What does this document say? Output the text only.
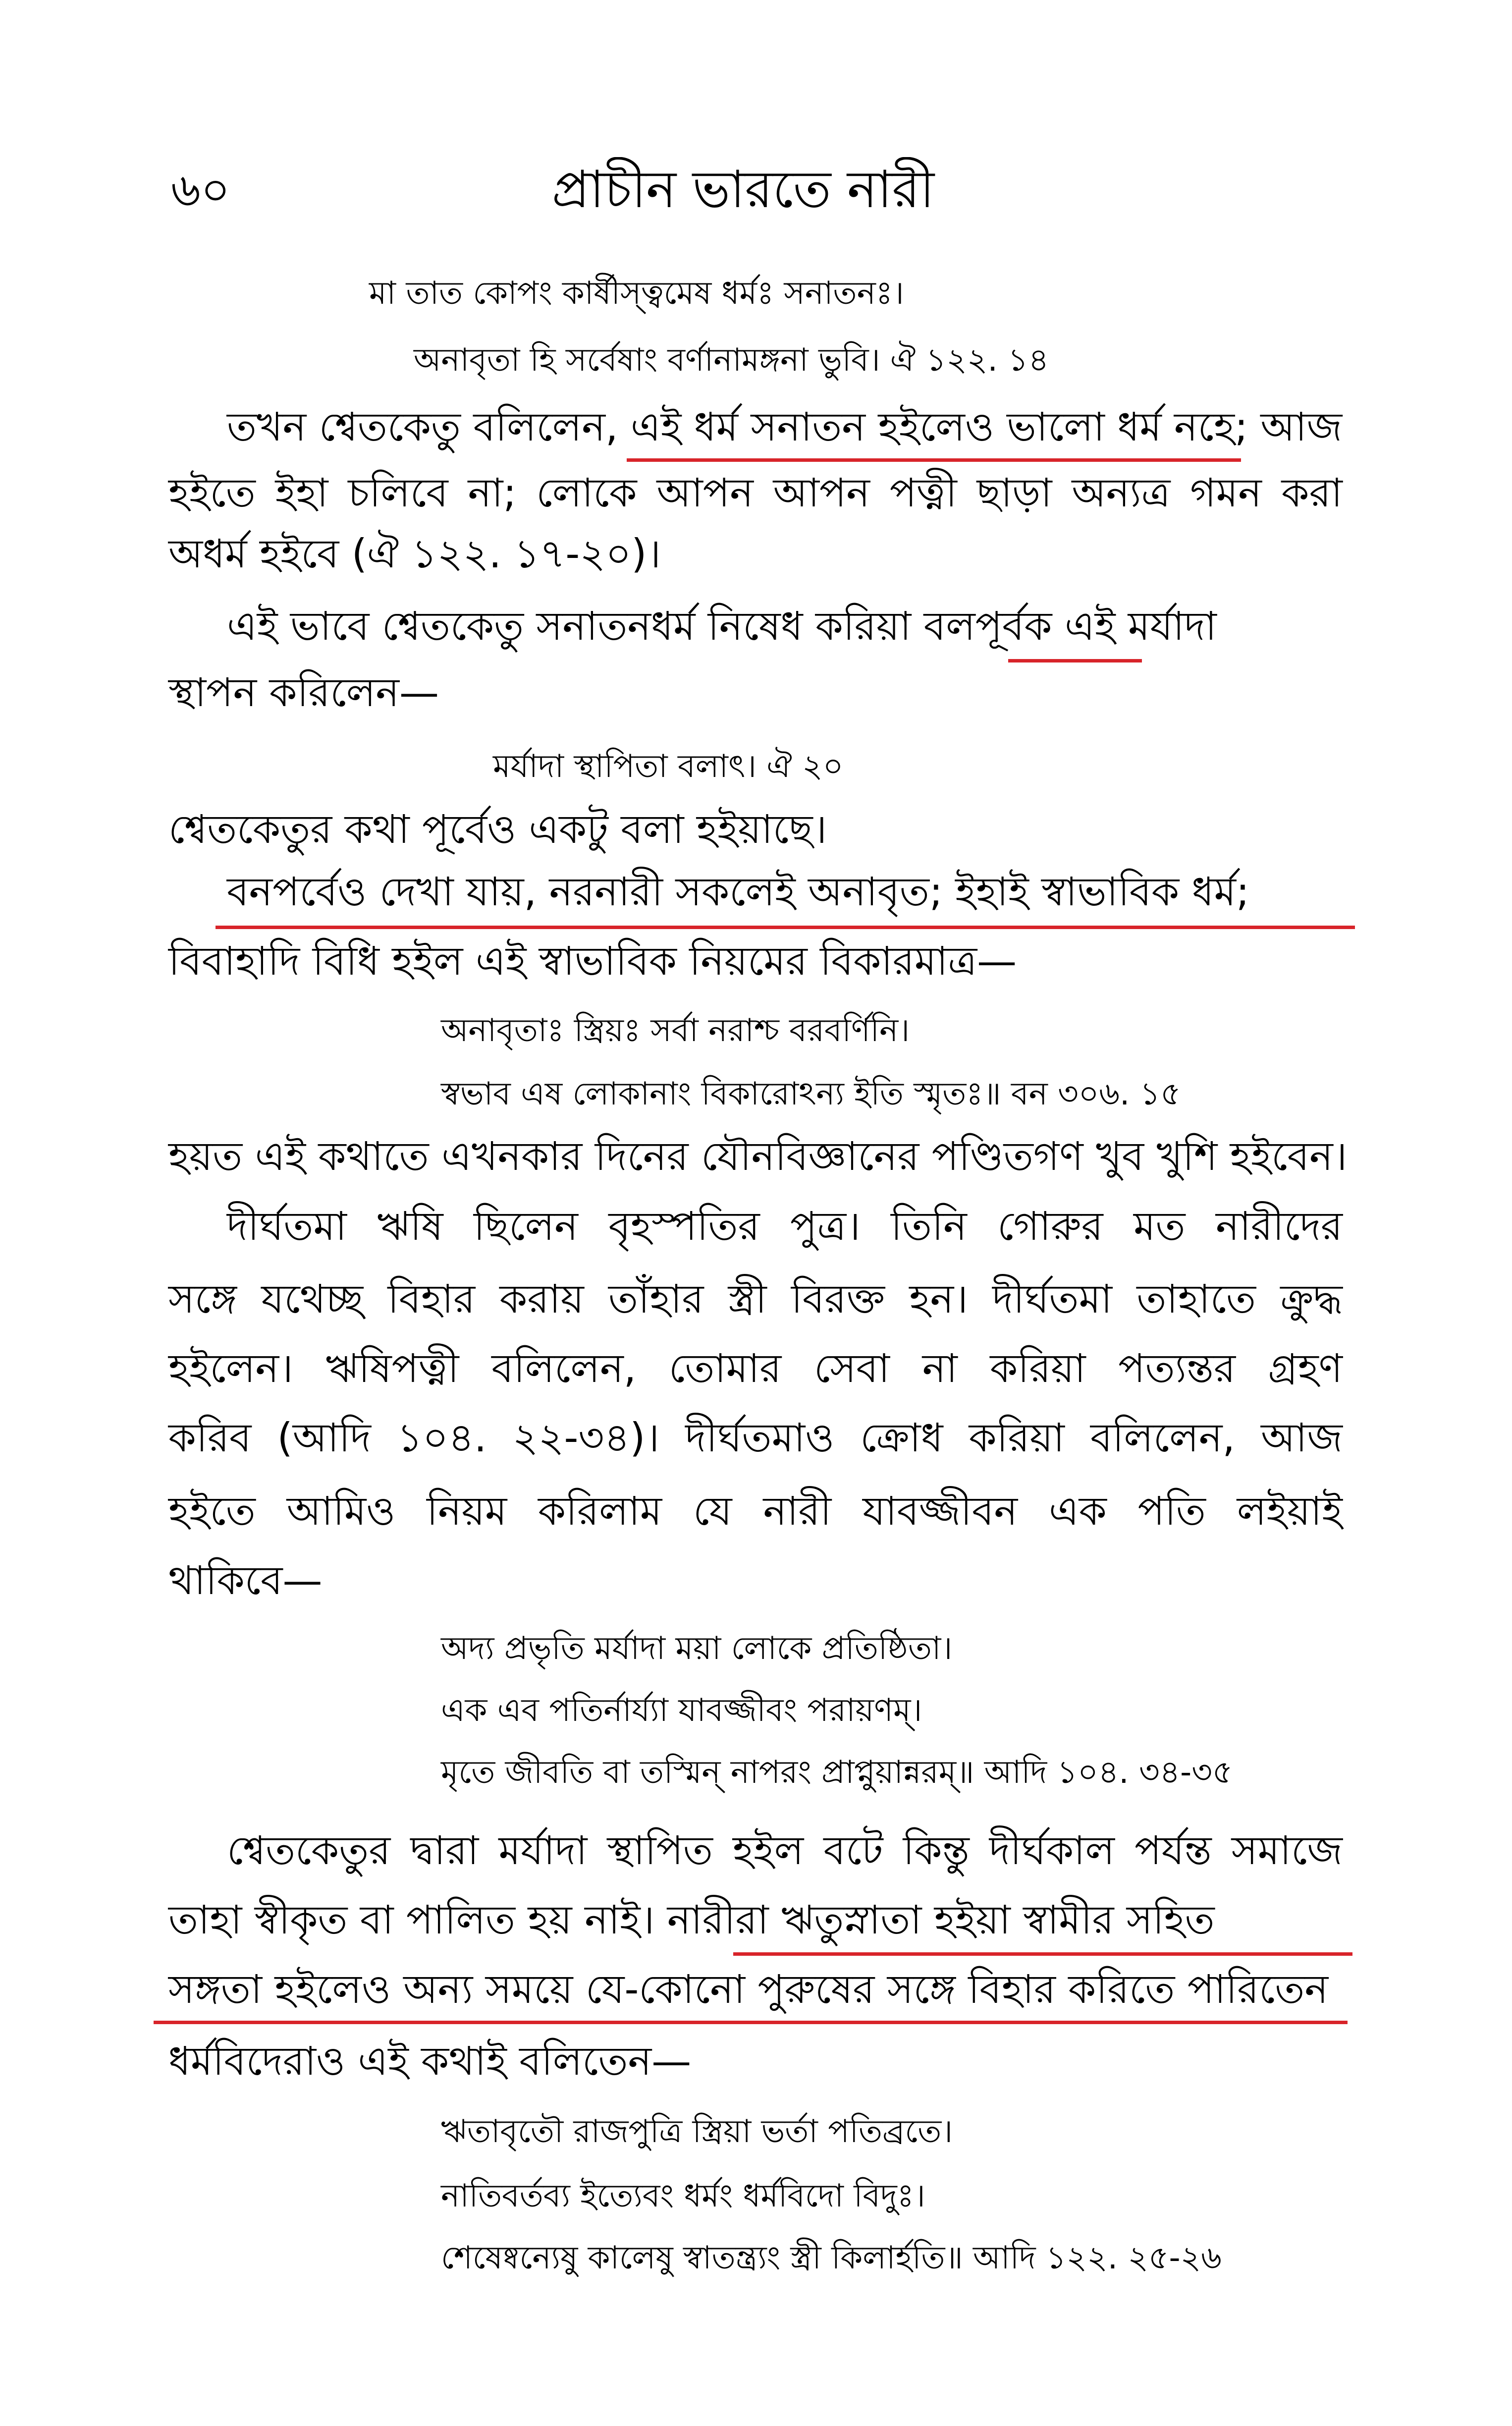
৬০	প্রাচীন ভারতে নারী
মা তাত কোপং কার্ষীস্ত্বমেষ ধর্মঃ সনাতনঃ।
অনাবৃতা হি সর্বেষাং বর্ণানামঙ্গনা ভুবি। ঐ ১২২. ১৪
তখন শ্বেতকেতু বলিলেন, এই ধর্ম সনাতন হইলেও ভালো ধর্ম নহে; আজ
হইতে ইহা চলিবে না; লোকে আপন আপন পত্নী ছাড়া অন্যত্র গমন করা
অধর্ম হইবে (ঐ ১২২. ১৭-২০)।
এই ভাবে শ্বেতকেতু সনাতনধর্ম নিষেধ করিয়া বলপূর্বক এই মর্যাদা
স্থাপন করিলেন—
মর্যাদা স্থাপিতা বলাৎ। ঐ ২০
শ্বেতকেতুর কথা পূর্বেও একটু বলা হইয়াছে।
বনপর্বেও দেখা যায়, নরনারী সকলেই অনাবৃত; ইহাই স্বাভাবিক ধর্ম;
বিবাহাদি বিধি হইল এই স্বাভাবিক নিয়মের বিকারমাত্র—
অনাবৃতাঃ স্ত্রিয়ঃ সর্বা নরাশ্চ বরবর্ণিনি।
স্বভাব এষ লোকানাং বিকারোঽন্য ইতি স্মৃতঃ॥ বন ৩০৬. ১৫
হয়ত এই কথাতে এখনকার দিনের যৌনবিজ্ঞানের পণ্ডিতগণ খুব খুশি হইবেন।
দীর্ঘতমা ঋষি ছিলেন বৃহস্পতির পুত্র। তিনি গোরুর মত নারীদের
সঙ্গে যথেচ্ছ বিহার করায় তাঁহার স্ত্রী বিরক্ত হন। দীর্ঘতমা তাহাতে ক্রুদ্ধ
হইলেন। ঋষিপত্নী বলিলেন, তোমার সেবা না করিয়া পত্যন্তর গ্রহণ
করিব (আদি ১০৪. ২২-৩৪)। দীর্ঘতমাও ক্রোধ করিয়া বলিলেন, আজ
হইতে আমিও নিয়ম করিলাম যে নারী যাবজ্জীবন এক পতি লইয়াই
থাকিবে—
অদ্য প্রভৃতি মর্যাদা ময়া লোকে প্রতিষ্ঠিতা।
এক এব পতির্নার্য্যা যাবজ্জীবং পরায়ণম্।
মৃতে জীবতি বা তস্মিন্ নাপরং প্রাপ্নুয়ান্নরম্॥ আদি ১০৪. ৩৪-৩৫
শ্বেতকেতুর দ্বারা মর্যাদা স্থাপিত হইল বটে কিন্তু দীর্ঘকাল পর্যন্ত সমাজে
তাহা স্বীকৃত বা পালিত হয় নাই। নারীরা ঋতুস্নাতা হইয়া স্বামীর সহিত
সঙ্গতা হইলেও অন্য সময়ে যে-কোনো পুরুষের সঙ্গে বিহার করিতে পারিতেন
ধর্মবিদেরাও এই কথাই বলিতেন—
ঋতাবৃতৌ রাজপুত্রি স্ত্রিয়া ভর্তা পতিব্রতে।
নাতিবর্তব্য ইত্যেবং ধর্মং ধর্মবিদো বিদুঃ।
শেষেষ্বন্যেষু কালেষু স্বাতন্ত্র্যং স্ত্রী কিলার্হতি॥ আদি ১২২. ২৫-২৬
